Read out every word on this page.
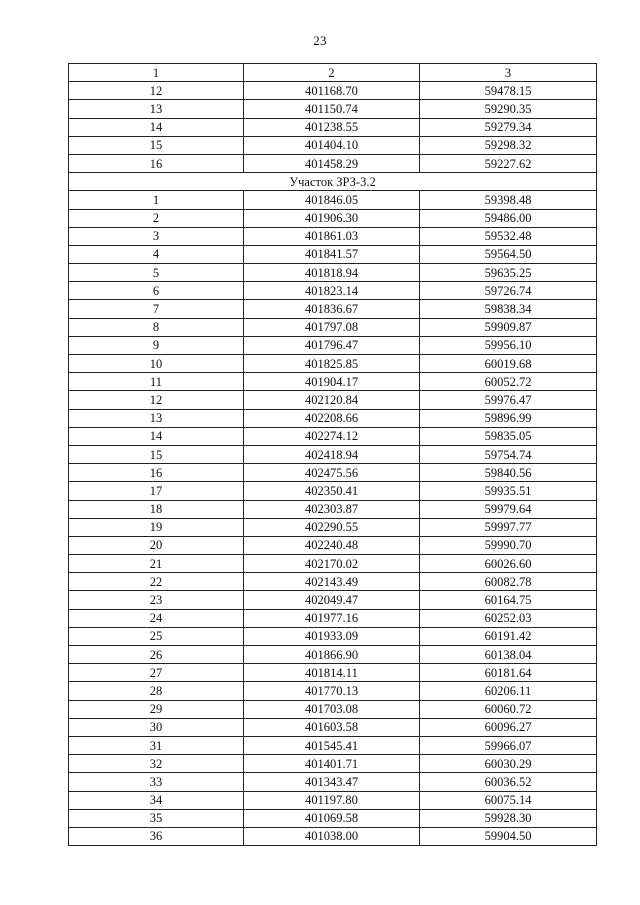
23
1	2	3
12	401168.70	59478.15
13	401150.74	59290.35
14	401238.55	59279.34
15	401404.10	59298.32
16	401458.29	59227.62
Участок ЗРЗ-3.2		
1	401846.05	59398.48
2	401906.30	59486.00
3	401861.03	59532.48
4	401841.57	59564.50
5	401818.94	59635.25
6	401823.14	59726.74
7	401836.67	59838.34
8	401797.08	59909.87
9	401796.47	59956.10
10	401825.85	60019.68
11	401904.17	60052.72
12	402120.84	59976.47
13	402208.66	59896.99
14	402274.12	59835.05
15	402418.94	59754.74
16	402475.56	59840.56
17	402350.41	59935.51
18	402303.87	59979.64
19	402290.55	59997.77
20	402240.48	59990.70
21	402170.02	60026.60
22	402143.49	60082.78
23	402049.47	60164.75
24	401977.16	60252.03
25	401933.09	60191.42
26	401866.90	60138.04
27	401814.11	60181.64
28	401770.13	60206.11
29	401703.08	60060.72
30	401603.58	60096.27
31	401545.41	59966.07
32	401401.71	60030.29
33	401343.47	60036.52
34	401197.80	60075.14
35	401069.58	59928.30
36	401038.00	59904.50
